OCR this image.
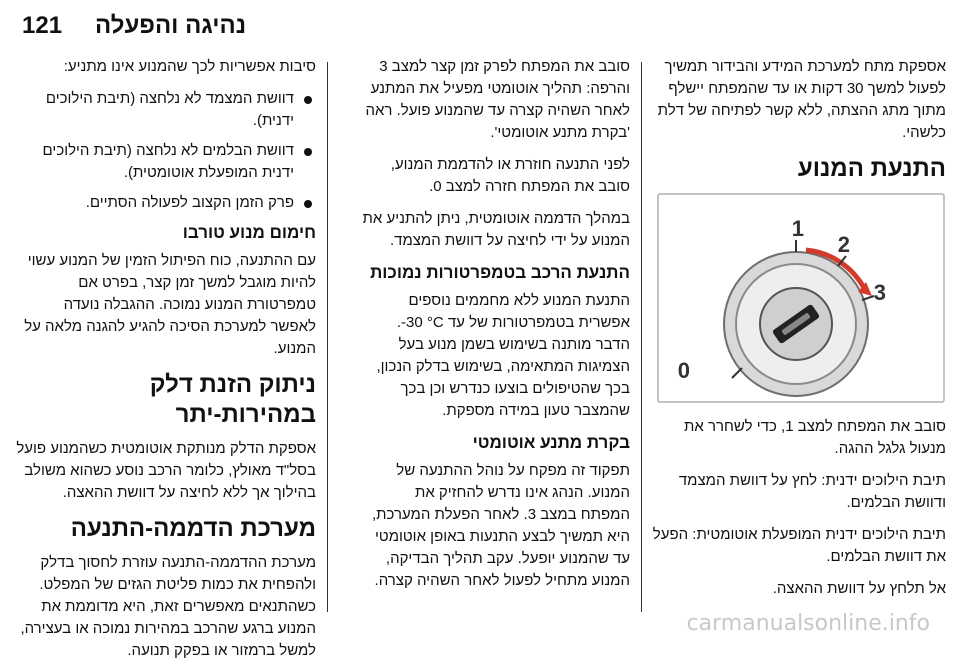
נהיגה והפעלה
121

אספקת מתח למערכת המידע והבידור תמשיך לפעול למשך 30 דקות או עד שהמפתח יישלף מתוך מתג ההצתה, ללא קשר לפתיחה של דלת כלשהי.

התנעת המנוע
1
2
3
0

סובב את המפתח למצב 1, כדי לשחרר את מנעול גלגל ההגה.

תיבת הילוכים ידנית: לחץ על דוושת המצמד ודוושת הבלמים.

תיבת הילוכים ידנית המופעלת אוטומטית: הפעל את דוושת הבלמים.

אל תלחץ על דוושת ההאצה.

סובב את המפתח לפרק זמן קצר למצב 3 והרפה: תהליך אוטומטי מפעיל את המתנע לאחר השהיה קצרה עד שהמנוע פועל. ראה 'בקרת מתנע אוטומטי'.

לפני התנעה חוזרת או להדממת המנוע, סובב את המפתח חזרה למצב 0.

במהלך הדממה אוטומטית, ניתן להתניע את המנוע על ידי לחיצה על דוושת המצמד.

התנעת הרכב בטמפרטורות נמוכות

התנעת המנוע ללא מחממים נוספים אפשרית בטמפרטורות של עד ‎-30 °C‎. הדבר מותנה בשימוש בשמן מנוע בעל הצמיגות המתאימה, בשימוש בדלק הנכון, בכך שהטיפולים בוצעו כנדרש וכן בכך שהמצבר טעון במידה מספקת.

בקרת מתנע אוטומטי

תפקוד זה מפקח על נוהל ההתנעה של המנוע. הנהג אינו נדרש להחזיק את המפתח במצב 3. לאחר הפעלת המערכת, היא תמשיך לבצע התנעות באופן אוטומטי עד שהמנוע יופעל. עקב תהליך הבדיקה, המנוע מתחיל לפעול לאחר השהיה קצרה.

סיבות אפשריות לכך שהמנוע אינו מתניע:

דוושת המצמד לא נלחצה (תיבת הילוכים ידנית).
דוושת הבלמים לא נלחצה (תיבת הילוכים ידנית המופעלת אוטומטית).
פרק הזמן הקצוב לפעולה הסתיים.
חימום מנוע טורבו

עם ההתנעה, כוח הפיתול הזמין של המנוע עשוי להיות מוגבל למשך זמן קצר, בפרט אם טמפרטורת המנוע נמוכה. ההגבלה נועדה לאפשר למערכת הסיכה להגיע להגנה מלאה על המנוע.

ניתוק הזנת דלק במהירות-יתר

אספקת הדלק מנותקת אוטומטית כשהמנוע פועל בסל"ד מאולץ, כלומר הרכב נוסע כשהוא משולב בהילוך אך ללא לחיצה על דוושת ההאצה.

מערכת הדממה-התנעה

מערכת ההדממה-התנעה עוזרת לחסוך בדלק ולהפחית את כמות פליטת הגזים של המפלט. כשהתנאים מאפשרים זאת, היא מדוממת את המנוע ברגע שהרכב במהירות נמוכה או בעצירה, למשל ברמזור או בפקק תנועה.

carmanualsonline.info
